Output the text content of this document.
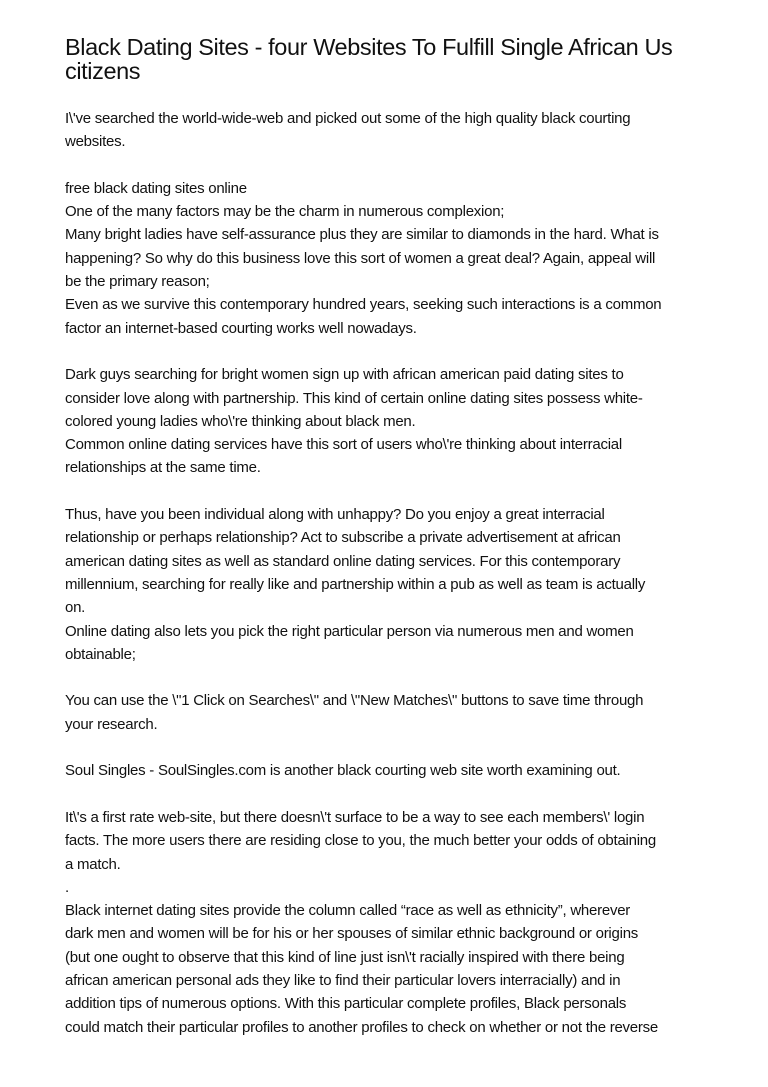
Black Dating Sites - four Websites To Fulfill Single African Us
citizens
I\'ve searched the world-wide-web and picked out some of the high quality black courting
websites.
free black dating sites online
One of the many factors may be the charm in numerous complexion;
Many bright ladies have self-assurance plus they are similar to diamonds in the hard. What is
happening? So why do this business love this sort of women a great deal? Again, appeal will
be the primary reason;
Even as we survive this contemporary hundred years, seeking such interactions is a common
factor an internet-based courting works well nowadays.
Dark guys searching for bright women sign up with african american paid dating sites to
consider love along with partnership. This kind of certain online dating sites possess white-
colored young ladies who\'re thinking about black men.
Common online dating services have this sort of users who\'re thinking about interracial
relationships at the same time.
Thus, have you been individual along with unhappy? Do you enjoy a great interracial
relationship or perhaps relationship? Act to subscribe a private advertisement at african
american dating sites as well as standard online dating services. For this contemporary
millennium, searching for really like and partnership within a pub as well as team is actually
on.
Online dating also lets you pick the right particular person via numerous men and women
obtainable;
You can use the \"1 Click on Searches\" and \"New Matches\" buttons to save time through
your research.
Soul Singles - SoulSingles.com is another black courting web site worth examining out.
It\'s a first rate web-site, but there doesn\'t surface to be a way to see each members\' login
facts. The more users there are residing close to you, the much better your odds of obtaining
a match.
.
Black internet dating sites provide the column called “race as well as ethnicity”, wherever
dark men and women will be for his or her spouses of similar ethnic background or origins
(but one ought to observe that this kind of line just isn\'t racially inspired with there being
african american personal ads they like to find their particular lovers interracially) and in
addition tips of numerous options. With this particular complete profiles, Black personals
could match their particular profiles to another profiles to check on whether or not the reverse
